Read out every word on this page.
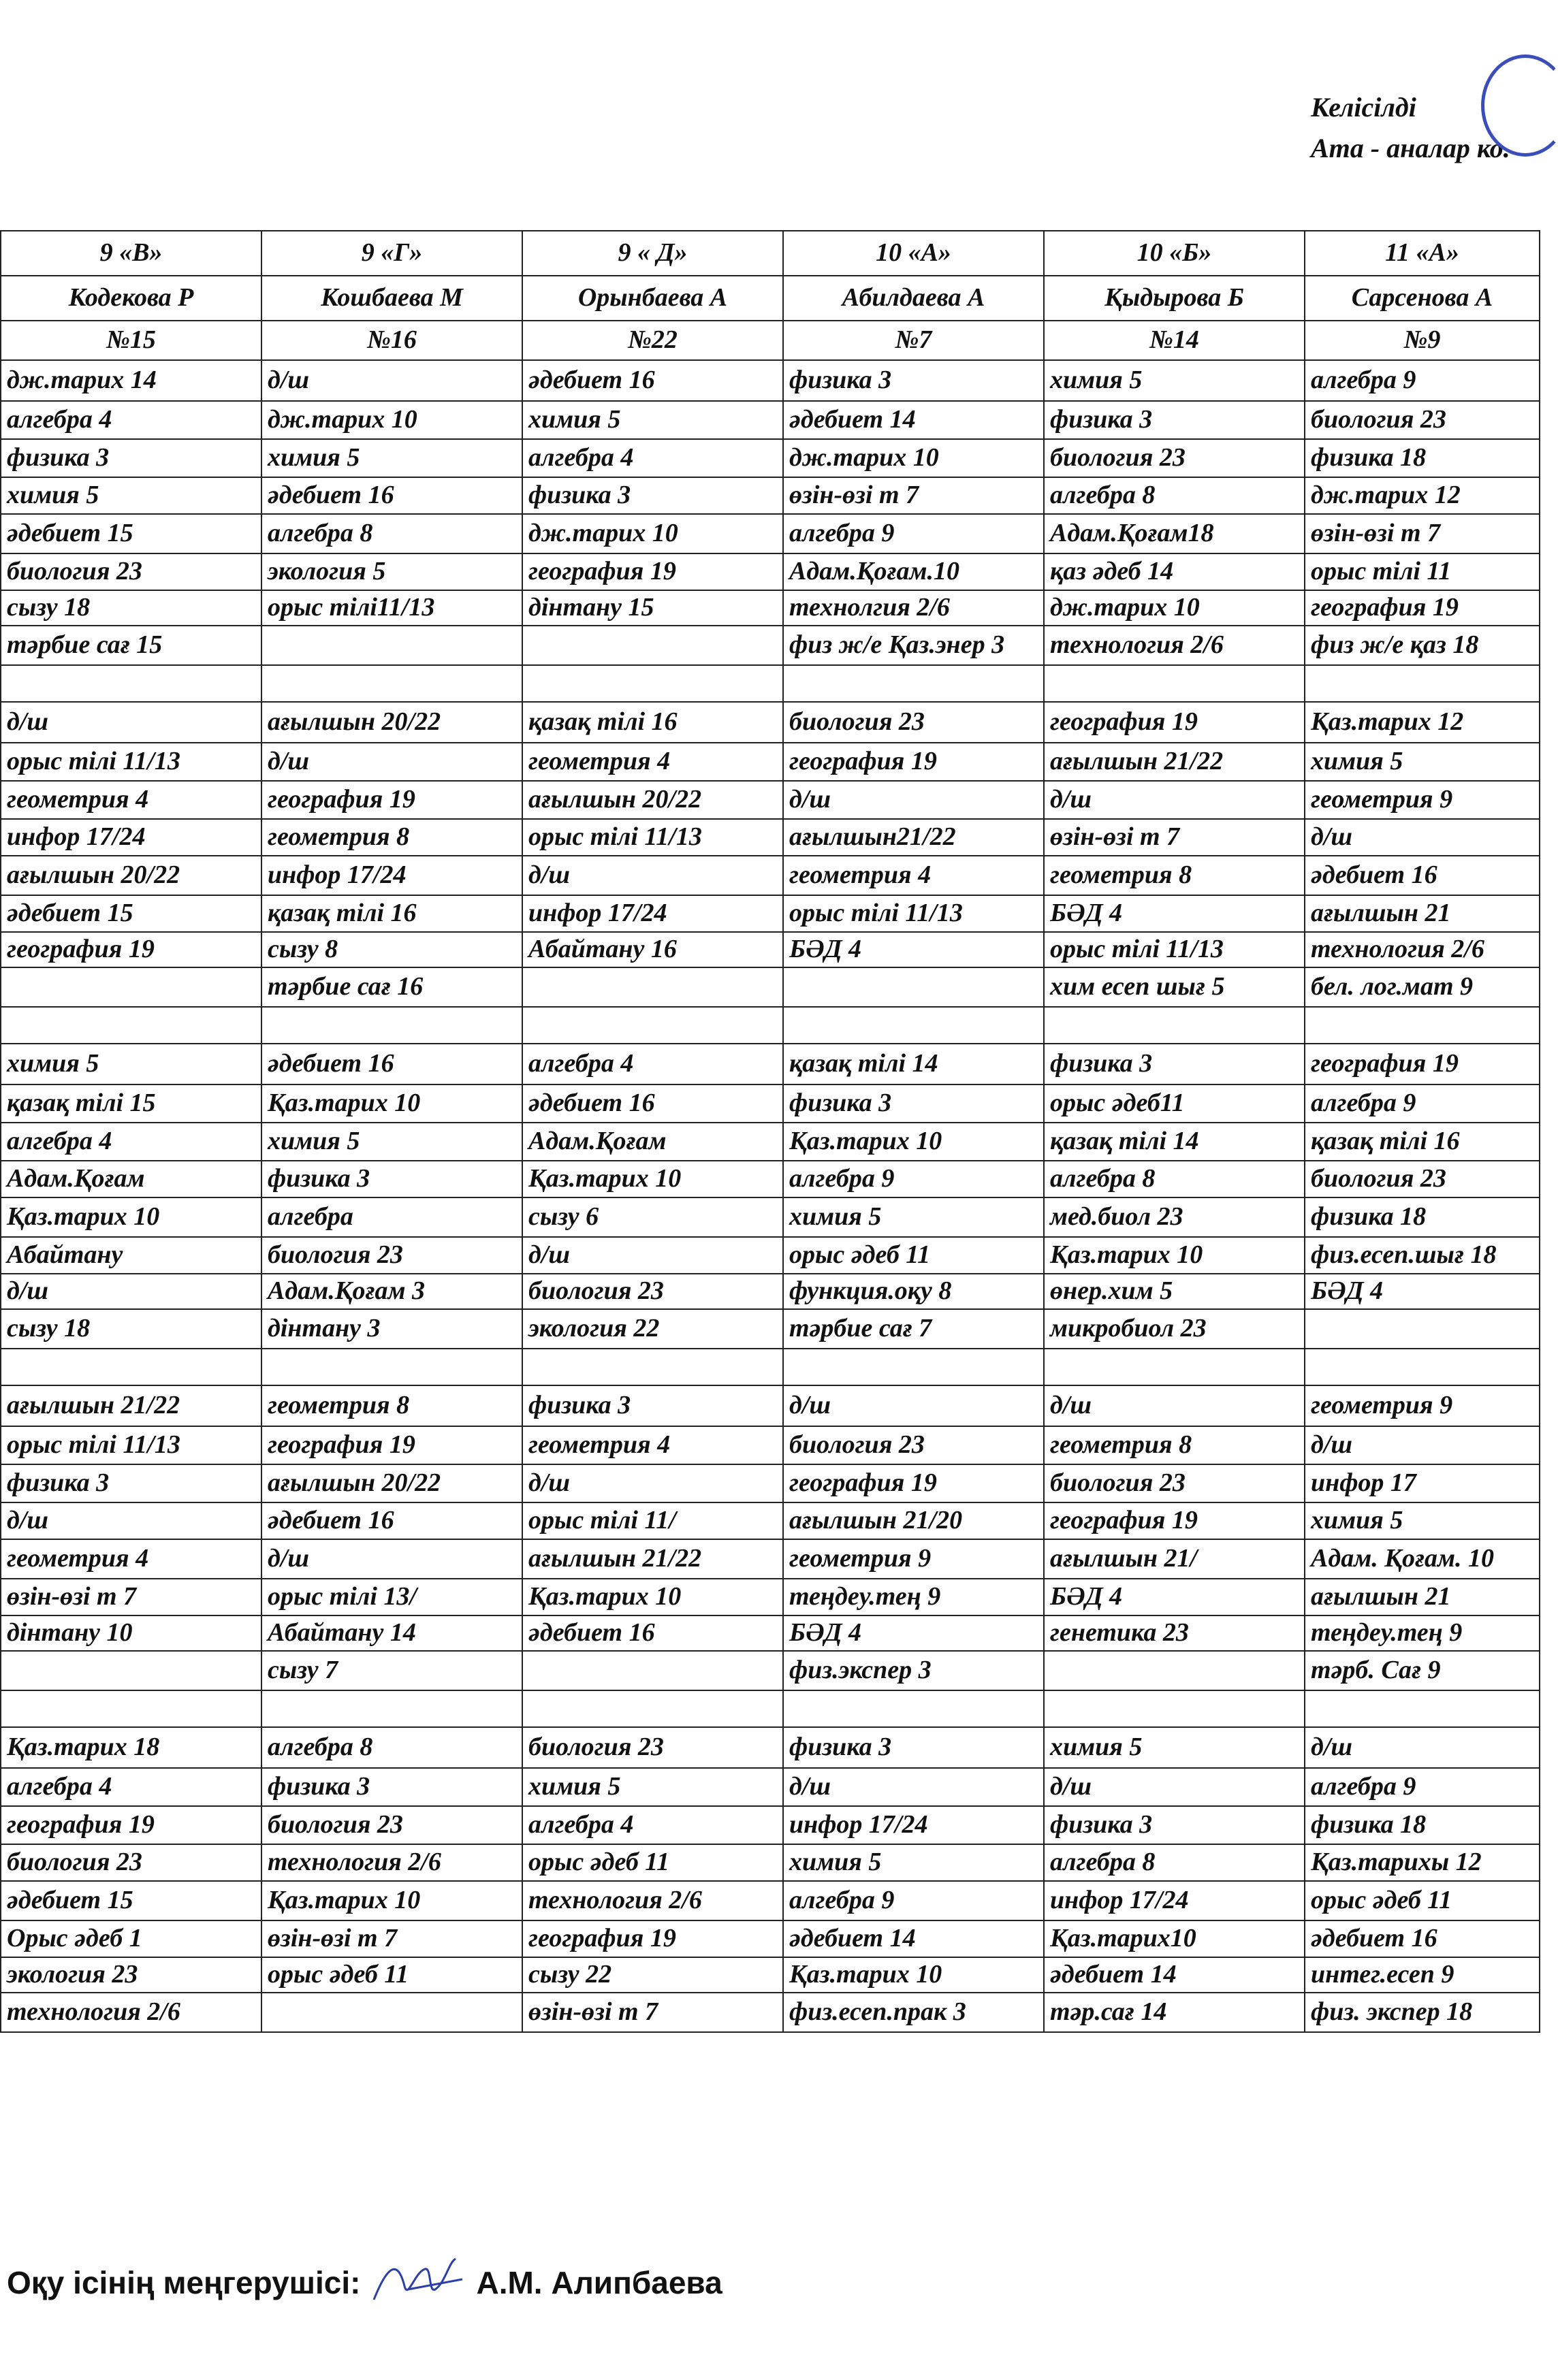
Келісілді
Ата - аналар ко.
9 «В»	9 «Г»	9 « Д»	10 «А»	10 «Б»	11 «А»
Кодекова Р	Кошбаева М	Орынбаева А	Абилдаева А	Қыдырова Б	Сарсенова А
№15	№16	№22	№7	№14	№9
дж.тарих 14	д/ш	әдебиет 16	физика 3	химия 5	алгебра 9
алгебра 4	дж.тарих 10	химия 5	әдебиет 14	физика 3	биология 23
физика 3	химия 5	алгебра 4	дж.тарих 10	биология 23	физика 18
химия 5	әдебиет 16	физика 3	өзін-өзі т 7	алгебра 8	дж.тарих 12
әдебиет 15	алгебра 8	дж.тарих 10	алгебра 9	Адам.Қоғам18	өзін-өзі т 7
биология 23	экология 5	география 19	Адам.Қоғам.10	қаз әдеб 14	орыс тілі 11
сызу 18	орыс тілі11/13	дінтану 15	технолгия 2/6	дж.тарих 10	география 19
тәрбие сағ 15			физ ж/е Қаз.энер 3	технология 2/6	физ ж/е қаз 18

д/ш	ағылшын 20/22	қазақ тілі 16	биология 23	география 19	Қаз.тарих 12
орыс тілі 11/13	д/ш	геометрия 4	география 19	ағылшын 21/22	химия 5
геометрия 4	география 19	ағылшын 20/22	д/ш	д/ш	геометрия 9
инфор 17/24	геометрия 8	орыс тілі 11/13	ағылшын21/22	өзін-өзі т 7	д/ш
ағылшын 20/22	инфор 17/24	д/ш	геометрия 4	геометрия 8	әдебиет 16
әдебиет 15	қазақ тілі 16	инфор 17/24	орыс тілі 11/13	БӘД 4	ағылшын 21
география 19	сызу 8	Абайтану 16	БӘД 4	орыс тілі 11/13	технология 2/6
	тәрбие сағ 16			хим есеп шығ 5	бел. лог.мат 9

химия 5	әдебиет 16	алгебра 4	қазақ тілі 14	физика 3	география 19
қазақ тілі 15	Қаз.тарих 10	әдебиет 16	физика 3	орыс әдеб11	алгебра 9
алгебра 4	химия 5	Адам.Қоғам	Қаз.тарих 10	қазақ тілі 14	қазақ тілі 16
Адам.Қоғам	физика 3	Қаз.тарих 10	алгебра 9	алгебра 8	биология 23
Қаз.тарих 10	алгебра	сызу 6	химия 5	мед.биол 23	физика 18
Абайтану	биология 23	д/ш	орыс әдеб 11	Қаз.тарих 10	физ.есеп.шығ 18
д/ш	Адам.Қоғам 3	биология 23	функция.оқу 8	өнер.хим 5	БӘД 4
сызу 18	дінтану 3	экология 22	тәрбие сағ 7	микробиол 23	

ағылшын 21/22	геометрия 8	физика 3	д/ш	д/ш	геометрия 9
орыс тілі 11/13	география 19	геометрия 4	биология 23	геометрия 8	д/ш
физика 3	ағылшын 20/22	д/ш	география 19	биология 23	инфор 17
д/ш	әдебиет 16	орыс тілі 11/	ағылшын 21/20	география 19	химия 5
геометрия 4	д/ш	ағылшын 21/22	геометрия 9	ағылшын 21/	Адам. Қоғам. 10
өзін-өзі т 7	орыс тілі 13/	Қаз.тарих 10	теңдеу.тең 9	БӘД 4	ағылшын 21
дінтану 10	Абайтану 14	әдебиет 16	БӘД 4	генетика 23	теңдеу.тең 9
	сызу 7		физ.экспер 3		тәрб. Сағ 9

Қаз.тарих 18	алгебра 8	биология 23	физика 3	химия 5	д/ш
алгебра 4	физика 3	химия 5	д/ш	д/ш	алгебра 9
география 19	биология 23	алгебра 4	инфор 17/24	физика 3	физика 18
биология 23	технология 2/6	орыс әдеб 11	химия 5	алгебра 8	Қаз.тарихы 12
әдебиет 15	Қаз.тарих 10	технология 2/6	алгебра 9	инфор 17/24	орыс әдеб 11
Орыс әдеб 1	өзін-өзі т 7	география 19	әдебиет 14	Қаз.тарих10	әдебиет 16
экология 23	орыс әдеб 11	сызу 22	Қаз.тарих 10	әдебиет 14	интег.есеп 9
технология 2/6		өзін-өзі т 7	физ.есеп.прак 3	тәр.сағ 14	физ. экспер 18
Оқу ісінің меңгерушісі:	А.М. Алипбаева
